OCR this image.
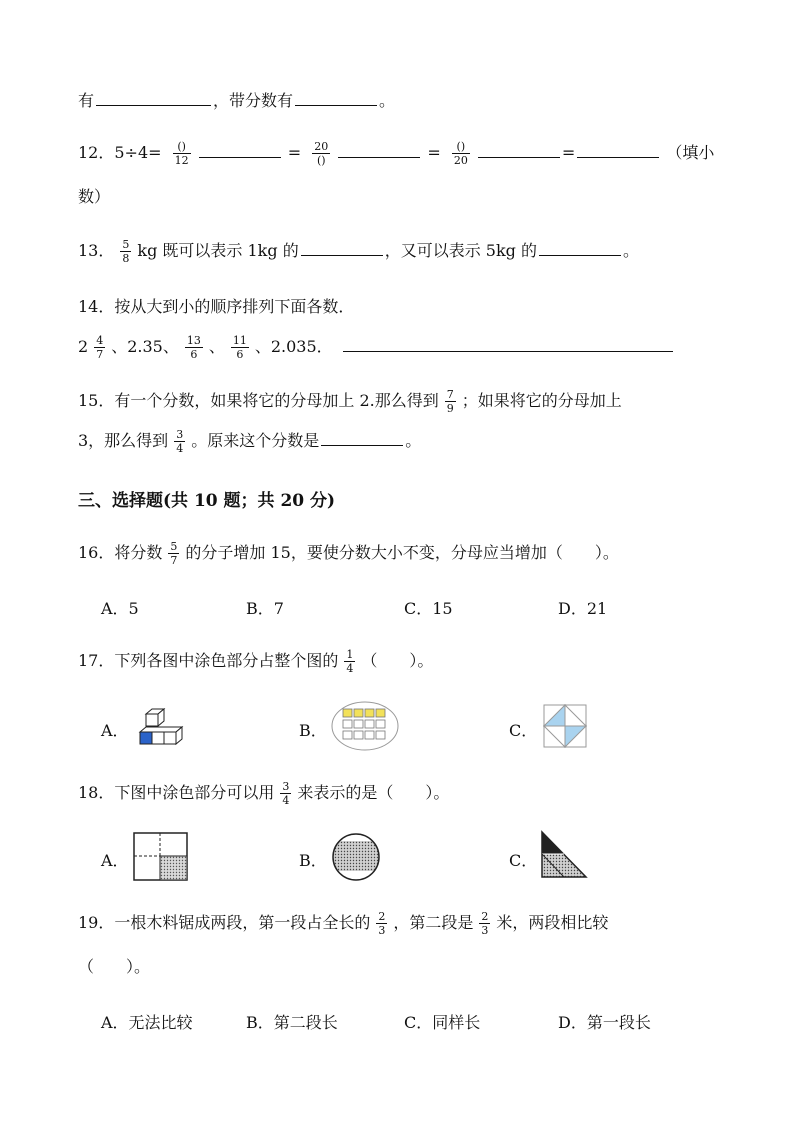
有	，带分数有	。
12．$5\div 4= \frac{()}{12}$	= $\frac{20}{()}$	= $\frac{()}{20}$	=	（填小
数）
13． $\frac{5}{8}$ kg 既可以表示 1kg 的	，又可以表示 5kg 的	。
14．按从大到小的顺序排列下面各数．
$2 \frac{4}{7}$ 、2.35、 $\frac{13}{6}$ 、 $\frac{11}{6}$ 、2.035．
15．有一个分数，如果将它的分母加上 2.那么得到 $\frac{7}{9}$ ；如果将它的分母加上
3，那么得到 $\frac{3}{4}$ 。原来这个分数是	。
三、选择题(共 10 题；共 20 分)
16．将分数 $\frac{5}{7}$ 的分子增加 15，要使分数大小不变，分母应当增加（　　）。
A．5	B．7	C．15	D．21
17．下列各图中涂色部分占整个图的 $\frac{1}{4}$ （　　）。
A．	B．	C．
18．下图中涂色部分可以用 $\frac{3}{4}$ 来表示的是（　　）。
A．	B．	C．
19．一根木料锯成两段，第一段占全长的 $\frac{2}{3}$ ，第二段是 $\frac{2}{3}$ 米，两段相比较
（　　）。
A．无法比较	B．第二段长	C．同样长	D．第一段长
